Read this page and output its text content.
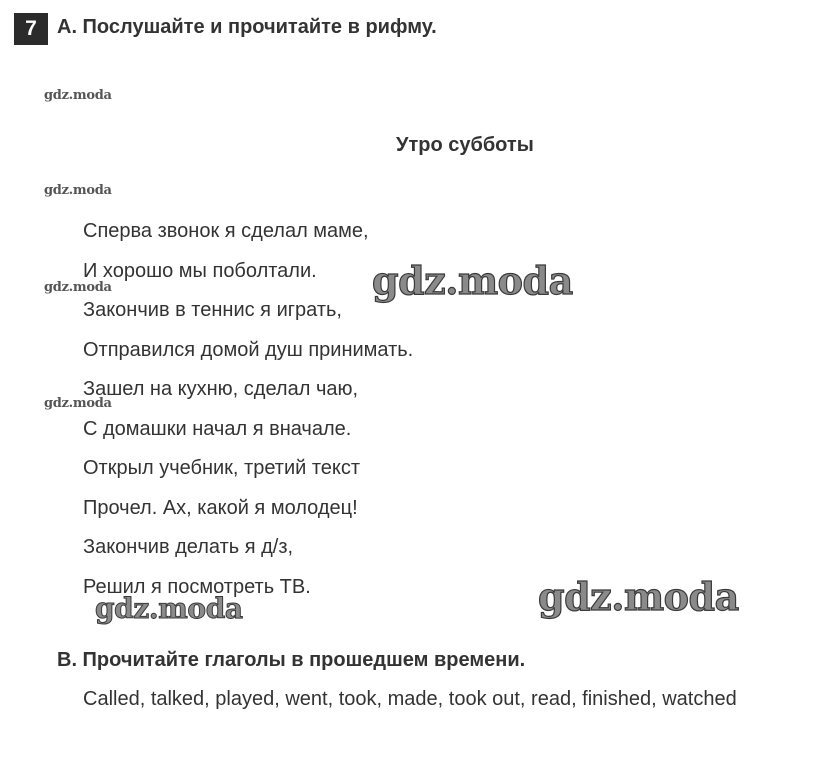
7	A. Послушайте и прочитайте в рифму.
Утро субботы
Сперва звонок я сделал маме,
И хорошо мы поболтали.
Закончив в теннис я играть,
Отправился домой душ принимать.
Зашел на кухню, сделал чаю,
С домашки начал я вначале.
Открыл учебник, третий текст
Прочел. Ах, какой я молодец!
Закончив делать я д/з,
Решил я посмотреть ТВ.
B. Прочитайте глаголы в прошедшем времени.
Called, talked, played, went, took, made, took out, read, finished, watched
gdz.moda
gdz.moda
gdz.moda
gdz.moda
gdz.moda
gdz.moda	gdz.moda
